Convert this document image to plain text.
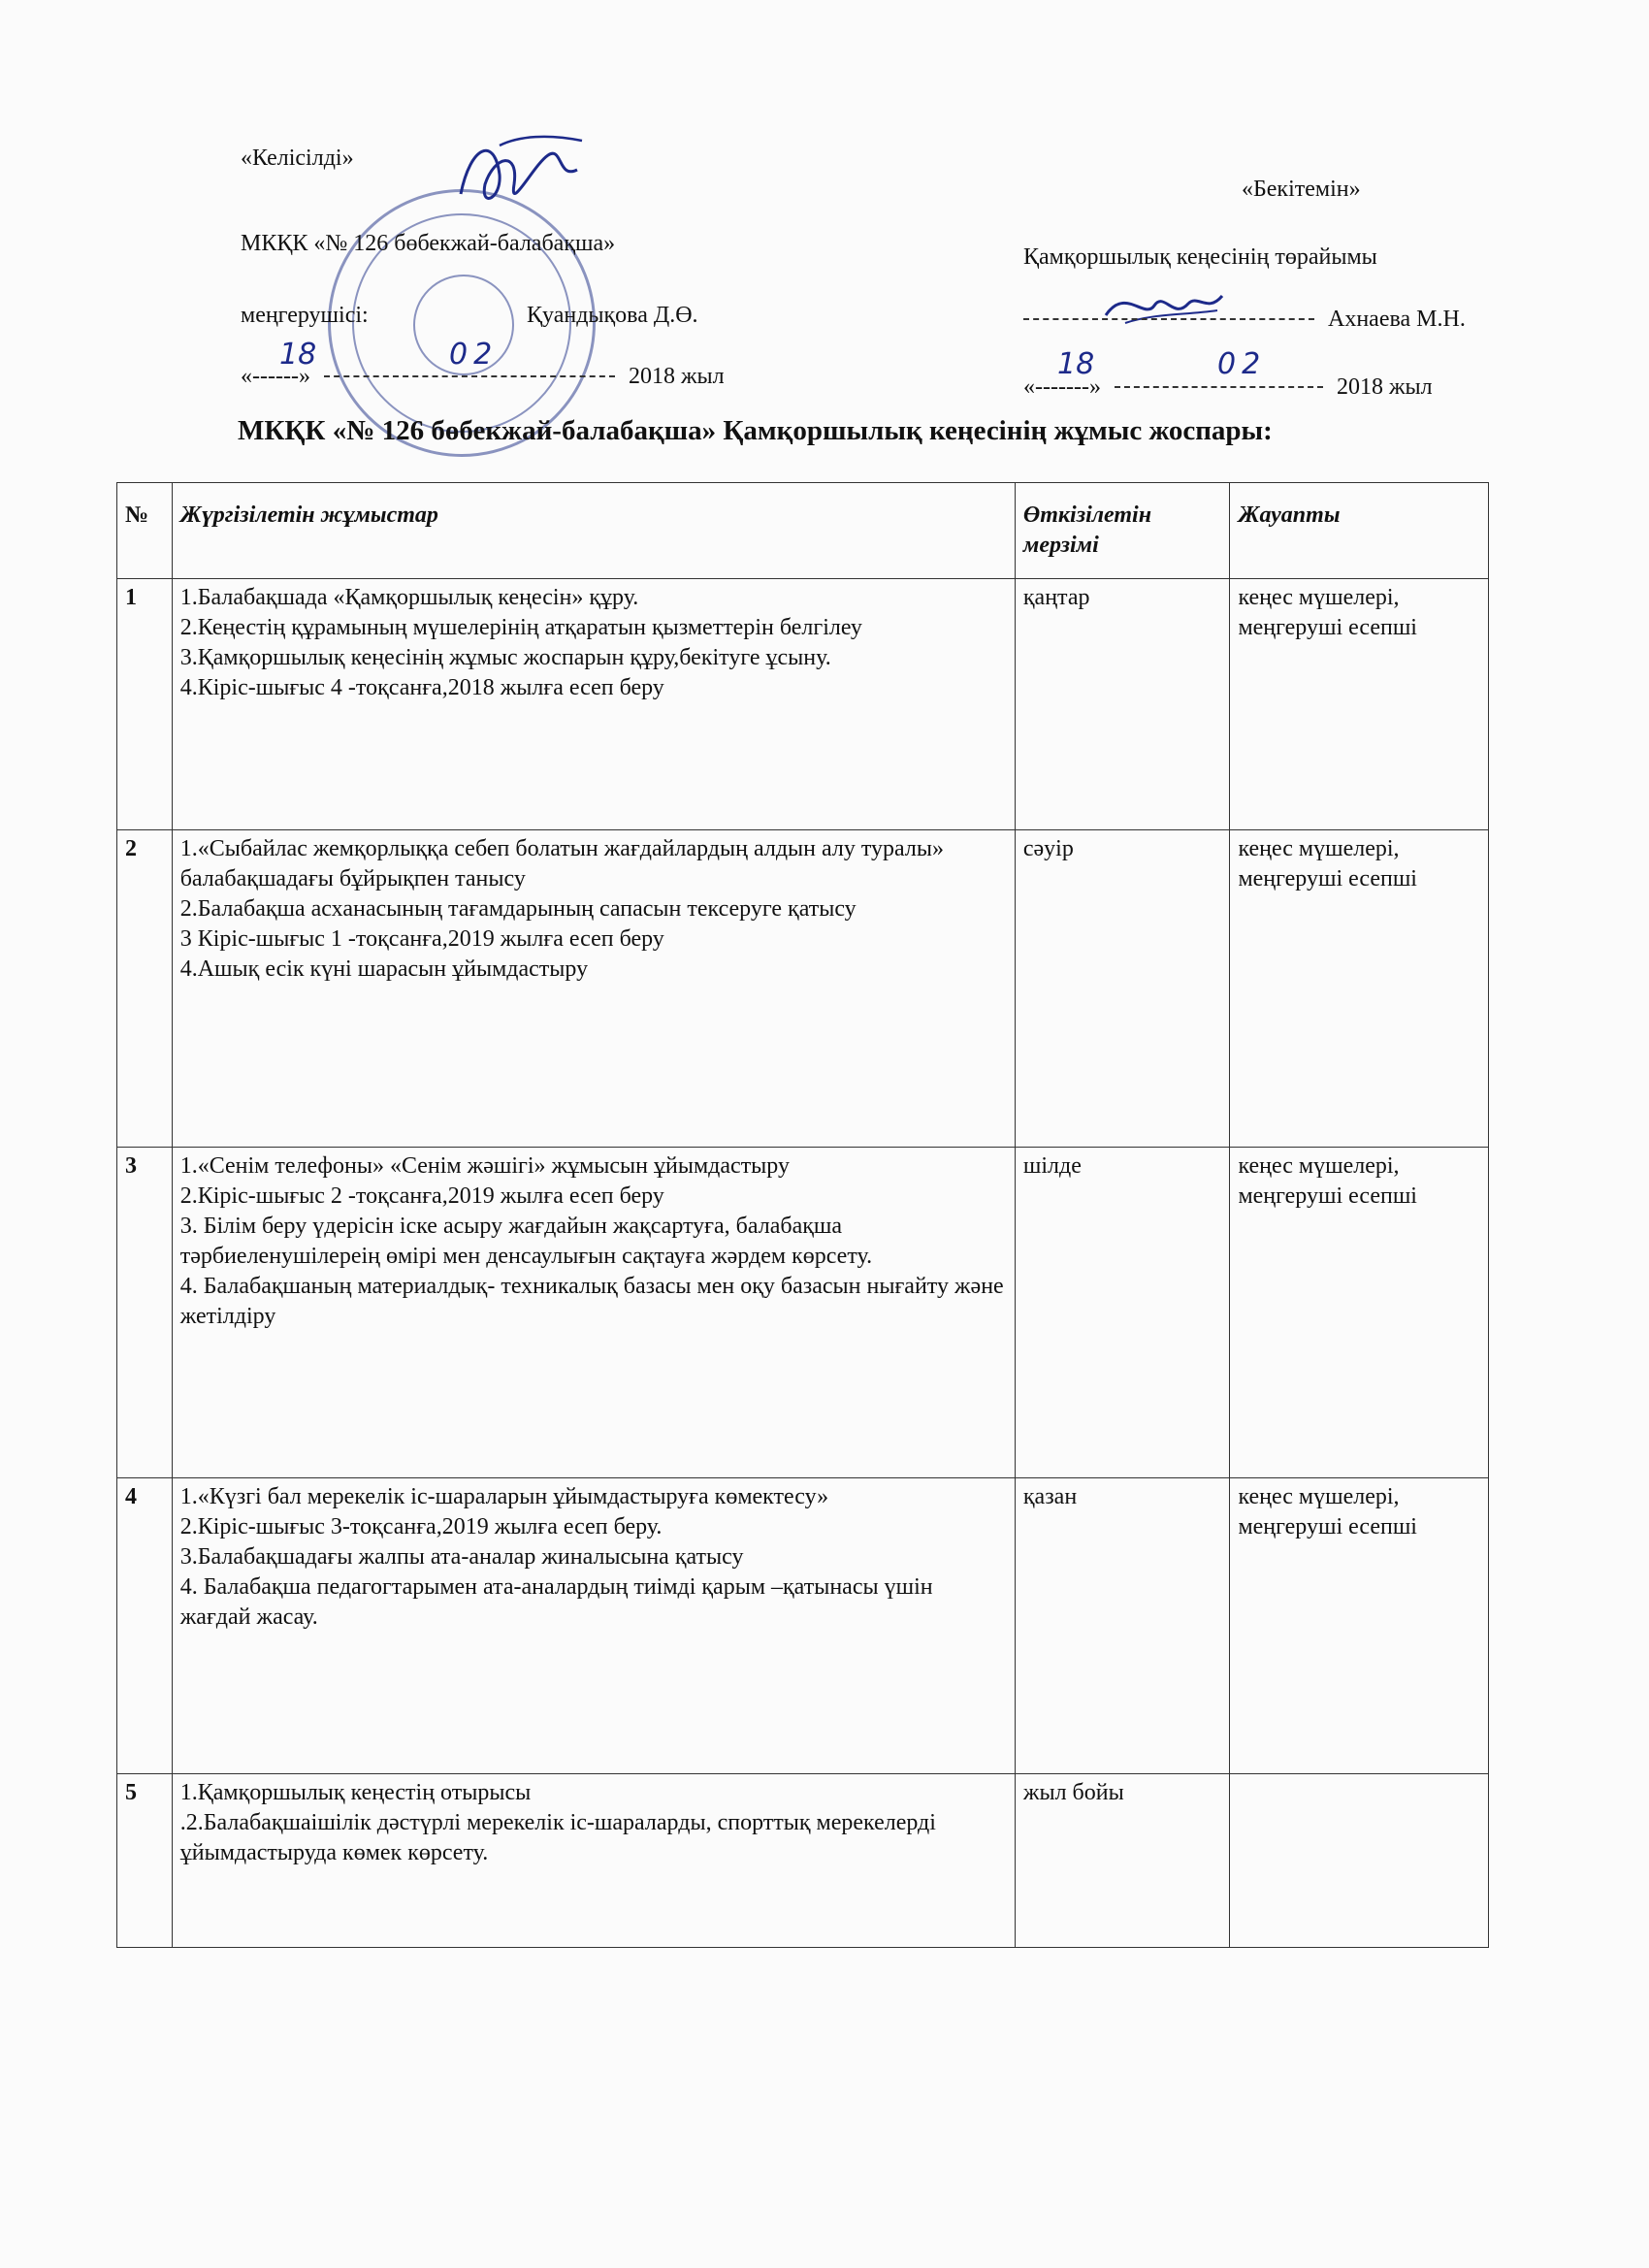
«Келісілді»
МКҚК «№ 126 бөбекжай-балабақша»
меңгерушісі:	Қуандықова Д.Ө.
«------»	2018 жыл
18	02
«Бекітемін»
Қамқоршылық кеңесінің төрайымы
Ахнаева М.Н.
«-------»	2018 жыл
18	02
МКҚК «№ 126 бөбекжай-балабақша» Қамқоршылық кеңесінің жұмыс жоспары:
№	Жүргізілетін жұмыстар	Өткізілетін мерзімі	Жауапты
1	1.Балабақшада «Қамқоршылық кеңесін» құру.
2.Кеңестің құрамының мүшелерінің атқаратын қызметтерін белгілеу
3.Қамқоршылық кеңесінің жұмыс жоспарын құру,бекітуге ұсыну.
4.Кіріс-шығыс 4 -тоқсанға,2018 жылға есеп беру	қаңтар	кеңес мүшелері, меңгеруші есепші
2	1.«Сыбайлас жемқорлыққа себеп болатын жағдайлардың алдын алу туралы» балабақшадағы бұйрықпен танысу
2.Балабақша асханасының тағамдарының сапасын тексеруге қатысу
3 Кіріс-шығыс 1 -тоқсанға,2019 жылға есеп беру
4.Ашық есік күні шарасын ұйымдастыру	сәуір	кеңес мүшелері, меңгеруші есепші
3	1.«Сенім телефоны» «Сенім жәшігі» жұмысын ұйымдастыру
2.Кіріс-шығыс 2 -тоқсанға,2019 жылға есеп беру
3. Білім беру үдерісін іске асыру жағдайын жақсартуға, балабақша тәрбиеленушілереің өмірі мен денсаулығын сақтауға жәрдем көрсету.
4. Балабақшаның материалдық- техникалық базасы мен оқу базасын нығайту және жетілдіру	шілде	кеңес мүшелері, меңгеруші есепші
4	1.«Күзгі бал мерекелік іс-шараларын ұйымдастыруға көмектесу»
2.Кіріс-шығыс 3-тоқсанға,2019 жылға есеп беру.
3.Балабақшадағы жалпы ата-аналар жиналысына қатысу
4. Балабақша педагогтарымен ата-аналардың тиімді қарым –қатынасы үшін жағдай жасау.	қазан	кеңес мүшелері, меңгеруші есепші
5	1.Қамқоршылық кеңестің отырысы
.2.Балабақшаішілік дәстүрлі мерекелік іс-шараларды, спорттық мерекелерді ұйымдастыруда көмек көрсету.	жыл бойы	
